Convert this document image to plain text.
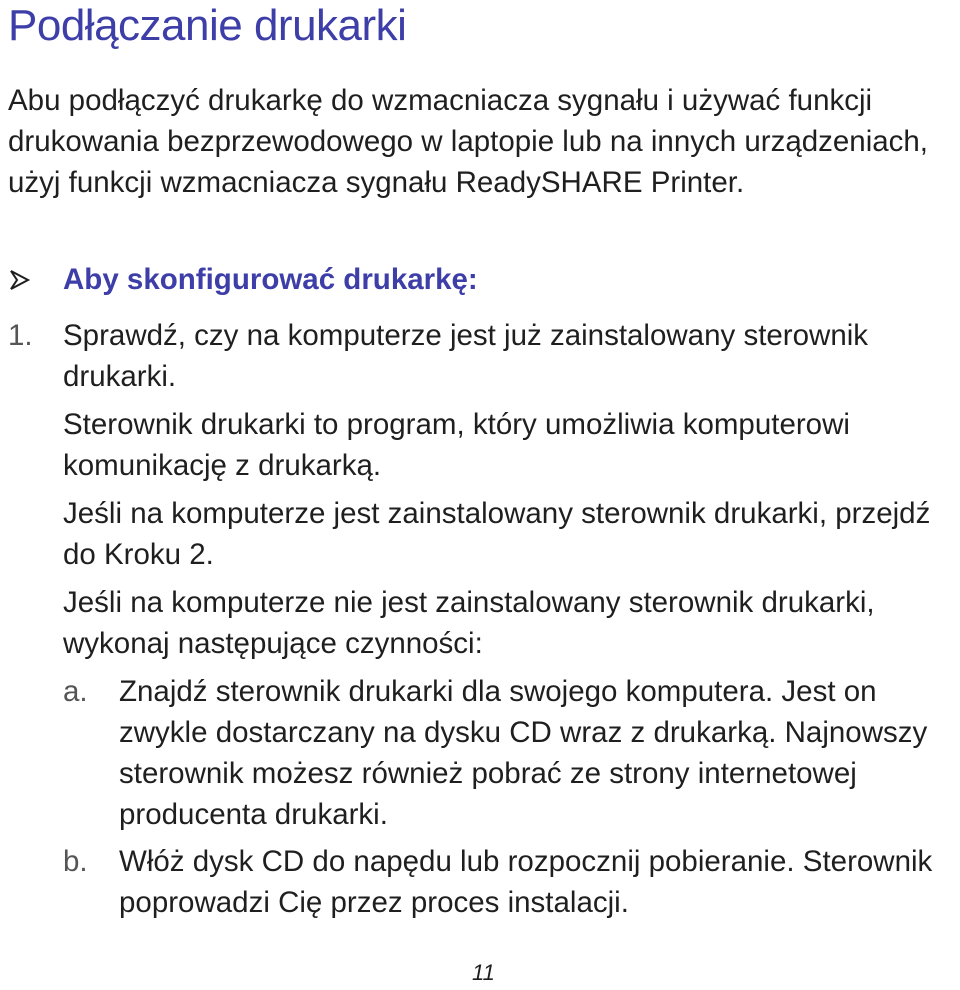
Podłączanie drukarki

Abu podłączyć drukarkę do wzmacniacza sygnału i używać funkcji drukowania bezprzewodowego w laptopie lub na innych urządzeniach, użyj funkcji wzmacniacza sygnału ReadySHARE Printer.

Aby skonfigurować drukarkę:
1. Sprawdź, czy na komputerze jest już zainstalowany sterownik drukarki.

Sterownik drukarki to program, który umożliwia komputerowi komunikację z drukarką.

Jeśli na komputerze jest zainstalowany sterownik drukarki, przejdź do Kroku 2.

Jeśli na komputerze nie jest zainstalowany sterownik drukarki, wykonaj następujące czynności:

a. Znajdź sterownik drukarki dla swojego komputera. Jest on zwykle dostarczany na dysku CD wraz z drukarką. Najnowszy sterownik możesz również pobrać ze strony internetowej producenta drukarki.
b. Włóż dysk CD do napędu lub rozpocznij pobieranie. Sterownik poprowadzi Cię przez proces instalacji.
11
